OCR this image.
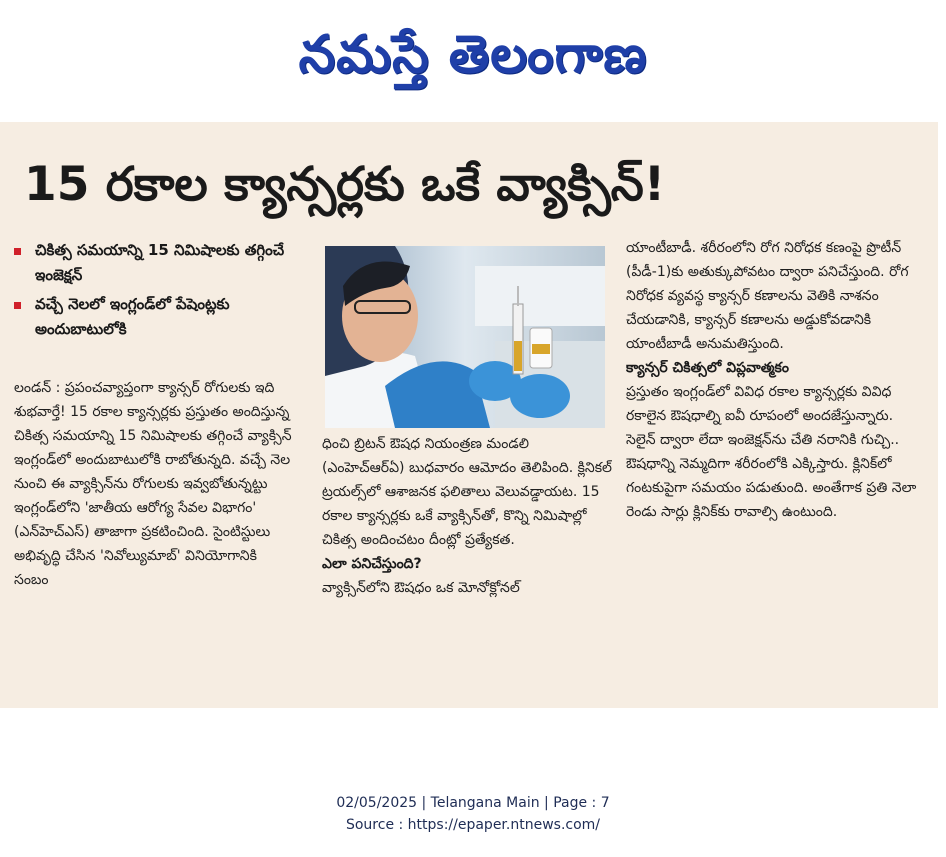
నమస్తే తెలంగాణ
15 రకాల క్యాన్సర్లకు ఒకే వ్యాక్సిన్!
చికిత్స సమయాన్ని 15 నిమిషాలకు తగ్గించే ఇంజెక్షన్
వచ్చే నెలలో ఇంగ్లండ్‌లో పేషెంట్లకు అందుబాటులోకి

లండన్ : ప్రపంచవ్యాప్తంగా క్యాన్సర్ రోగులకు ఇది శుభవార్తే! 15 రకాల క్యాన్సర్లకు ప్రస్తుతం అందిస్తున్న చికిత్స సమయాన్ని 15 నిమిషాలకు తగ్గించే వ్యాక్సిన్ ఇంగ్లండ్‌లో అందుబాటులోకి రాబోతున్నది. వచ్చే నెల నుంచి ఈ వ్యాక్సిన్‌ను రోగులకు ఇవ్వబోతున్నట్టు ఇంగ్లండ్‌లోని 'జాతీయ ఆరోగ్య సేవల విభాగం' (ఎన్‌హెచ్‌ఎస్) తాజాగా ప్రకటించింది. సైంటిస్టులు అభివృద్ధి చేసిన 'నివోల్యుమాబ్' వినియోగానికి సంబం

ధించి బ్రిటన్ ఔషధ నియంత్రణ మండలి (ఎంహెచ్‌ఆర్‌ఏ) బుధవారం ఆమోదం తెలిపింది. క్లినికల్ ట్రయల్స్‌లో ఆశాజనక ఫలితాలు వెలువడ్డాయట. 15 రకాల క్యాన్సర్లకు ఒకే వ్యాక్సిన్‌తో, కొన్ని నిమిషాల్లో చికిత్స అందించటం దీంట్లో ప్రత్యేకత.

ఎలా పనిచేస్తుంది?

వ్యాక్సిన్‌లోని ఔషధం ఒక మోనోక్లోనల్

యాంటీబాడీ. శరీరంలోని రోగ నిరోధక కణంపై ప్రొటీన్ (పీడీ-1)కు అతుక్కుపోవటం ద్వారా పనిచేస్తుంది. రోగ నిరోధక వ్యవస్థ క్యాన్సర్ కణాలను వెతికి నాశనం చేయడానికి, క్యాన్సర్ కణాలను అడ్డుకోవడానికి యాంటీబాడీ అనుమతిస్తుంది.

క్యాన్సర్ చికిత్సలో విప్లవాత్మకం

ప్రస్తుతం ఇంగ్లండ్‌లో వివిధ రకాల క్యాన్సర్లకు వివిధ రకాలైన ఔషధాల్ని ఐవీ రూపంలో అందజేస్తున్నారు. సెలైన్ ద్వారా లేదా ఇంజెక్షన్‌ను చేతి నరానికి గుచ్చి.. ఔషధాన్ని నెమ్మదిగా శరీరంలోకి ఎక్కిస్తారు. క్లినిక్‌లో గంటకుపైగా సమయం పడుతుంది. అంతేగాక ప్రతి నెలా రెండు సార్లు క్లినిక్‌కు రావాల్సి ఉంటుంది.

02/05/2025 | Telangana Main | Page : 7
Source : https://epaper.ntnews.com/
